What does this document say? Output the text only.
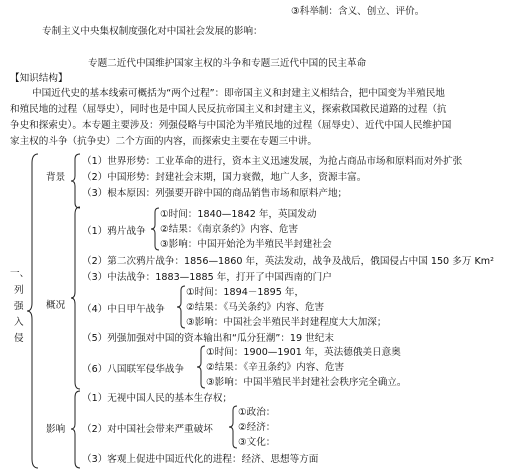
③科举制：含义、创立、评价。
专制主义中央集权制度强化对中国社会发展的影响：
专题二近代中国维护国家主权的斗争和专题三近代中国的民主革命
【知识结构】
中国近代史的基本线索可概括为“两个过程”：即帝国主义和封建主义相结合，把中国变为半殖民地
和殖民地的过程（屈辱史），同时也是中国人民反抗帝国主义和封建主义，探索救国救民道路的过程（抗
争史和探索史）。本专题主要涉及：列强侵略与中国沦为半殖民地的过程（屈辱史）、近代中国人民维护国
家主权的斗争（抗争史）二个方面的内容，而探索史主要在专题三中讲。
一、
列
强
入
侵
背景
（1）世界形势：工业革命的进行，资本主义迅速发展，为抢占商品市场和原料而对外扩张
（2）中国形势：封建社会末期，国力衰微，地广人多，资源丰富。
（3）根本原因：列强要开辟中国的商品销售市场和原料产地；
概况
（1）鸦片战争
①时间：1840—1842 年，英国发动
②结果：《南京条约》内容、危害
③影响：中国开始沦为半殖民半封建社会
（2）第二次鸦片战争：1856—1860 年，英法发动，战争及战后，俄国侵占中国 150 多万 Km²
（3）中法战争：1883—1885 年，打开了中国西南的门户
（4）中日甲午战争
①时间：1894－1895 年，
②结果：《马关条约》内容、危害
③影响：中国社会半殖民半封建程度大大加深；
（5）列强加强对中国的资本输出和“瓜分狂潮”：19 世纪末
（6）八国联军侵华战争
①时间：1900—1901 年，英法德俄美日意奥
②结果：《辛丑条约》内容、危害
③影响：中国半殖民半封建社会秩序完全确立。
影响
（1）无视中国人民的基本生存权；
（2）对中国社会带来严重破坏
①政治：
②经济：
③文化：
（3）客观上促进中国近代化的进程：经济、思想等方面
